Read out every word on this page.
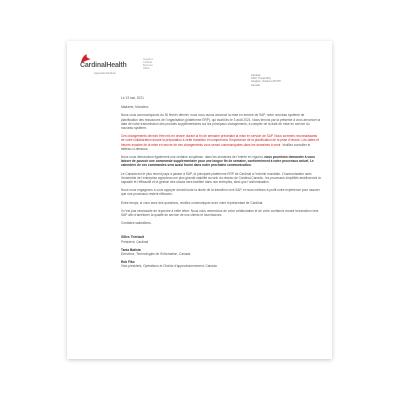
CardinalHealth
Approach/Cardinal
Suppliers
Cardinal
Business
Affairs
Cardinal
1000, Travail Way
Vaughan, Ontario L4H 0T8
Canada
Le 13 mai, 2021
Madame, Monsieur,
Nous vous communiquions du 30 février dernier, nous vous avons annoncé la mise en service de SAP, notre nouveau système de planification des ressources de l’organisation (plateforme ERP), qui avait lieu le 3 août 2021. Nous tenons par la présente à vous annoncer la date de notre transmission des produits supplémentaires sur les principaux changements, à compter de la date de mise en service du nouveau système.
Ces changements devront être mis en œuvre durant la fin de semaine précédant la mise en service de SAP. Nous sommes reconnaissants de votre collaboration durant la préparation à cette transition et comprenons l’importance de la planification de la prise d’œuvre. Les dates et heures exactes de la mise en œuvre de ces changements vous seront communiquées dans les semaines à venir. Veuillez consulter le tableau ci-dessous.
Nous vous demandons également une certaine souplesse, dans les semaines de l’entrée en vigueur, nous pourrions demander à vous laisser de pouvoir une commande supplémentaire pour une longue fin de semaine, conformément à notre processus actuel. Le calendrier de ces commandes sera aussi fourni dans notre prochaine communication.
Le Canada est le plus récent pays à passer à SAP, la principale plateforme ERP de Cardinal à l’échelle mondiale. L’harmonisation avec l’ensemble de l’entreprise apportera une plus grande stabilité au sein du réseau de Cardinal Canada ; les processus simplifiés amélioreront la capacité et l’efficacité et la gestion des stocks sera facilitée dans nos entrepôts, ainsi que l’uniformisation.
Nous nous engageons à vous appuyer durant toute la durée de la transition vers SAP, et nous mettons à profit notre expérience pour assurer que nos processus restent efficaces.
Entre temps, si vous avez des questions, veuillez communiquer avec votre représentant de Cardinal.
Il n’est pas nécessaire de répondre à cette lettre. Nous vous remercions de votre collaboration et de votre confiance durant la transition vers SAP afin d’améliorer la qualité de service de nos clients et fournisseurs.
Cordiales salutations,
Gilles Thériault
Président, Cardinal
Tania Batista
Directrice, Technologies de l’information, Canada
Rob Fiko
Vice-président, Opérations et Chaîne d’approvisionnement, Canada
